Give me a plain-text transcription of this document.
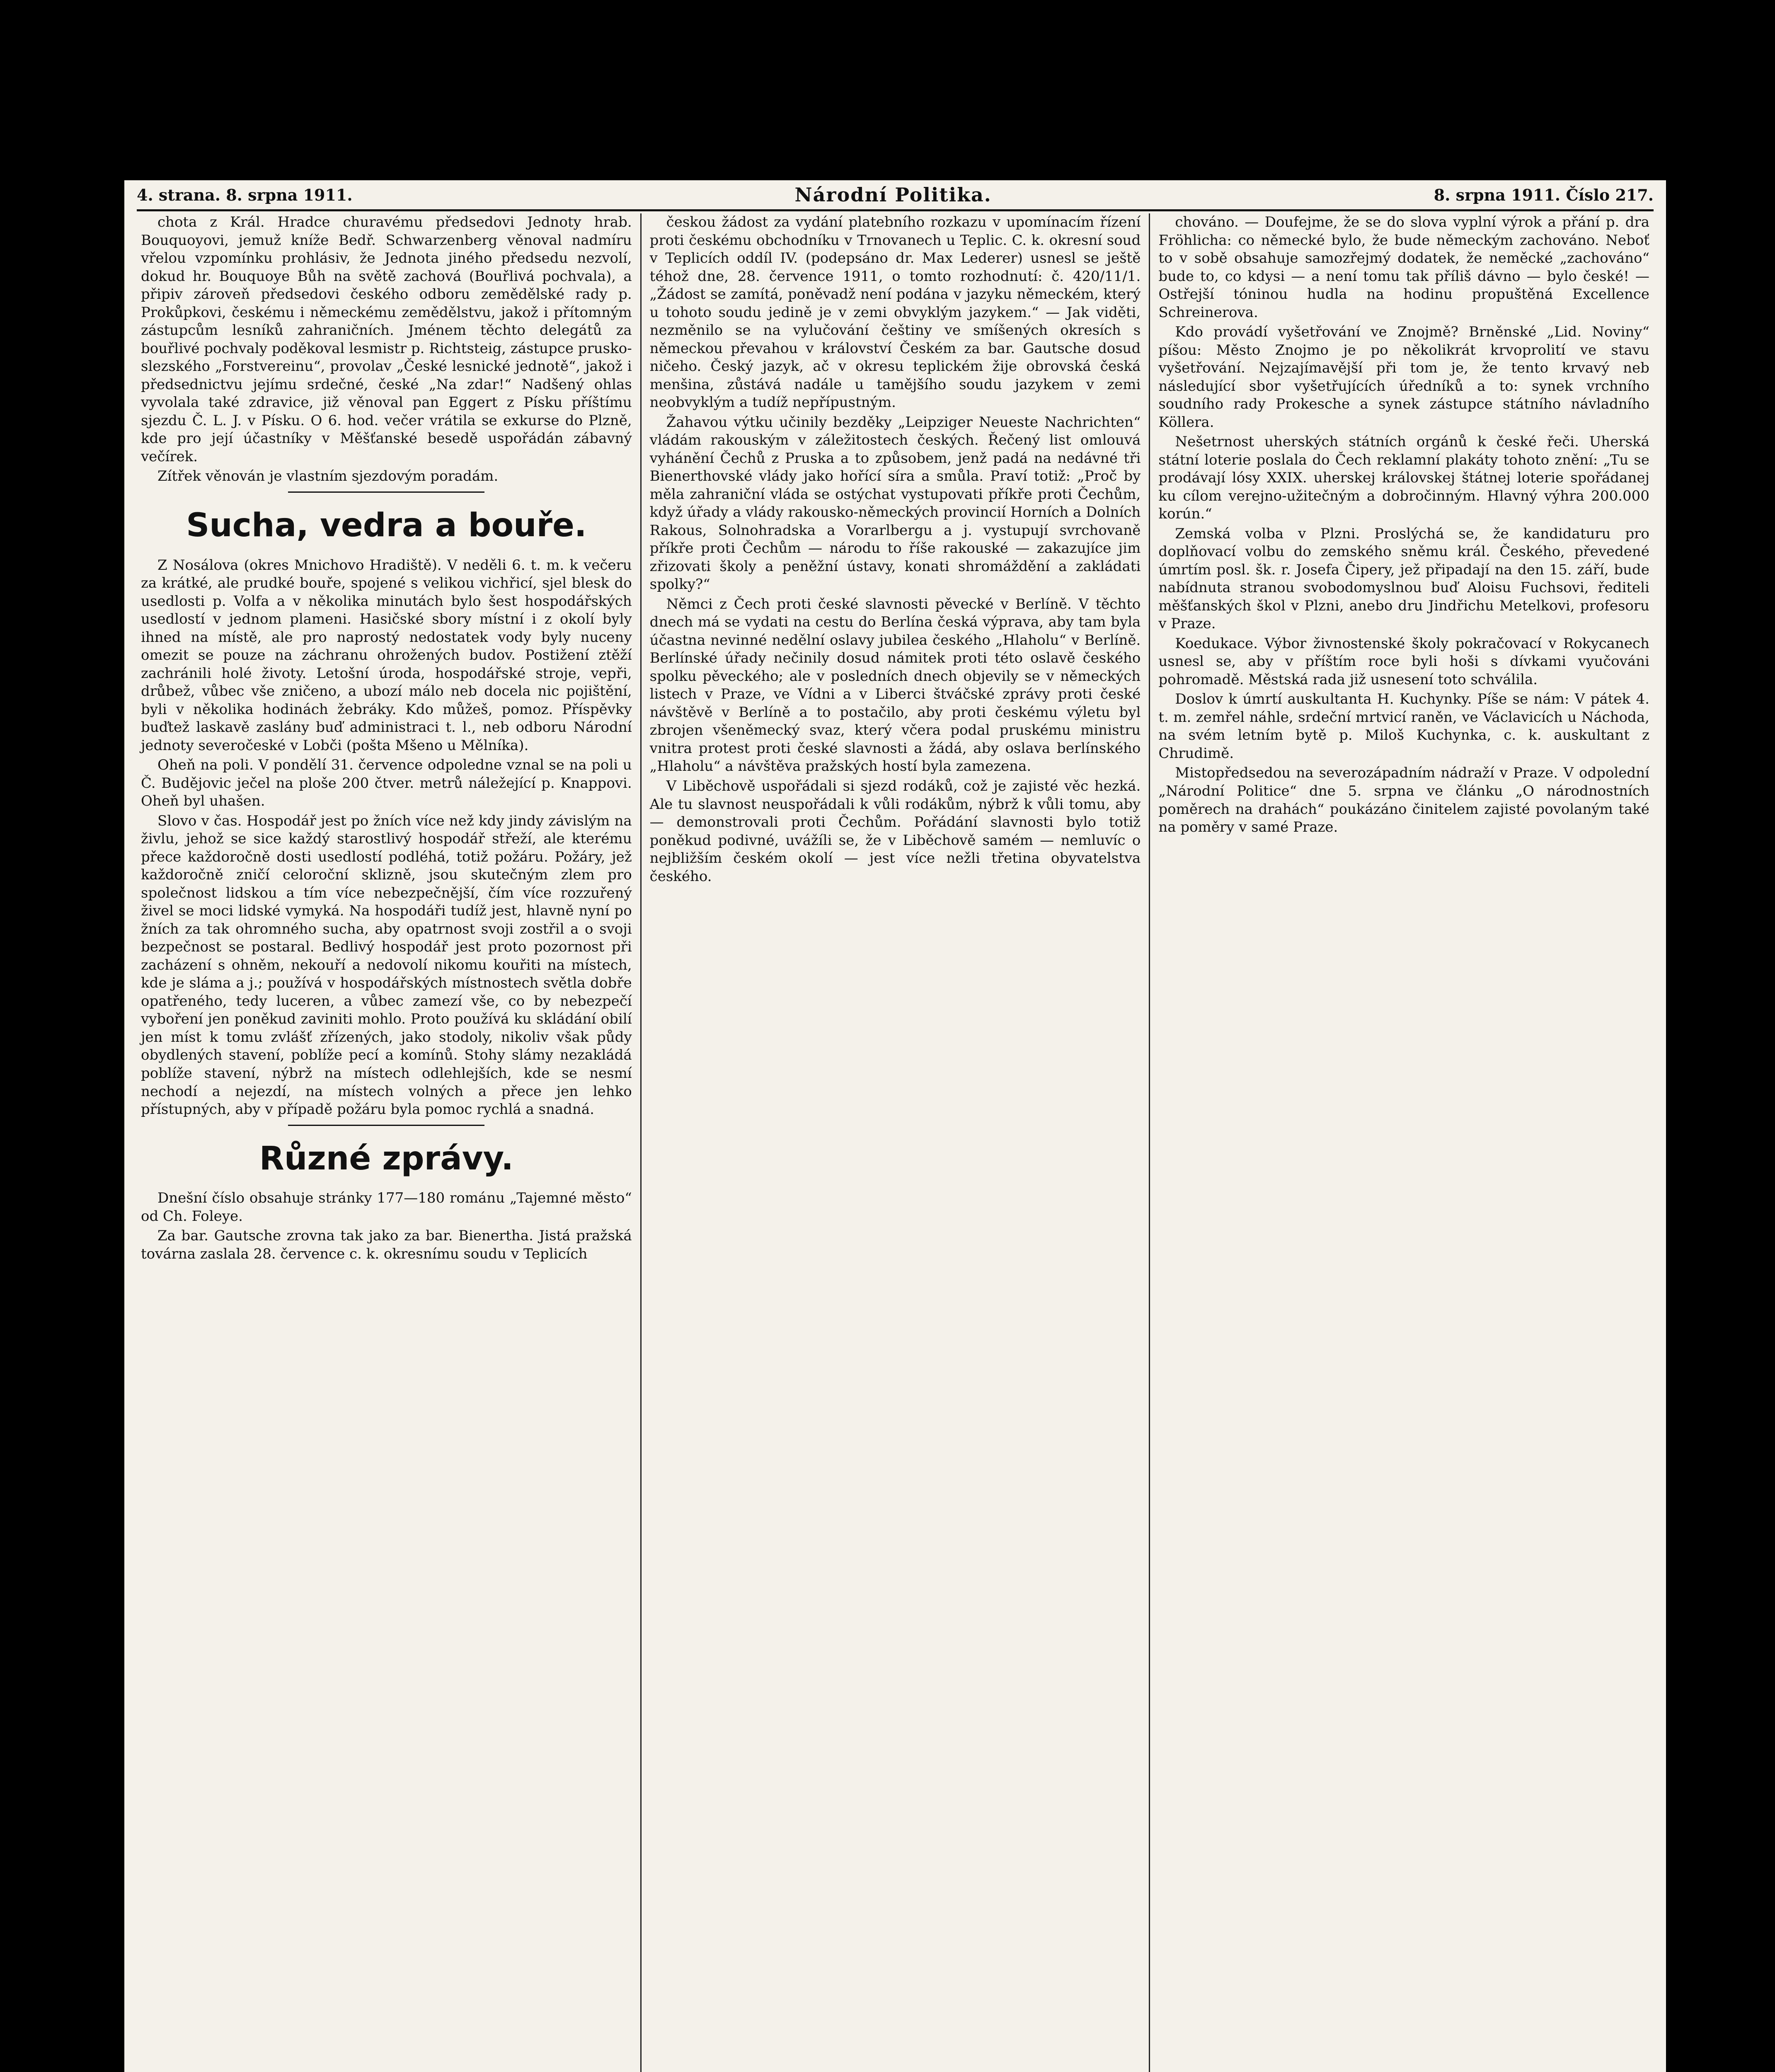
4. strana. 8. srpna 1911.	Národní Politika.	8. srpna 1911. Číslo 217.

chota z Král. Hradce churavému předsedovi Jednoty hrab. Bouquoyovi, jemuž kníže Bedř. Schwarzenberg věnoval nadmíru vřelou vzpomínku prohlásiv, že Jednota jiného předsedu nezvolí, dokud hr. Bouquoye Bůh na světě zachová (Bouřlivá pochvala), a připiv zároveň předsedovi českého odboru zemědělské rady p. Prokůpkovi, českému i německému zemědělstvu, jakož i přítomným zástupcům lesníků zahraničních. Jménem těchto delegátů za bouřlivé pochvaly poděkoval lesmistr p. Richtsteig, zástupce prusko-slezského „Forstvereinu“, provolav „České lesnické jednotě“, jakož i předsednictvu jejímu srdečné, české „Na zdar!“ Nadšený ohlas vyvolala také zdravice, již věnoval pan Eggert z Písku příštímu sjezdu Č. L. J. v Písku. O 6. hod. večer vrátila se exkurse do Plzně, kde pro její účastníky v Měšťanské besedě uspořádán zábavný večírek.

Zítřek věnován je vlastním sjezdovým poradám.

Sucha, vedra a bouře.

Z Nosálova (okres Mnichovo Hradiště). V neděli 6. t. m. k večeru za krátké, ale prudké bouře, spojené s velikou vichřicí, sjel blesk do usedlosti p. Volfa a v několika minutách bylo šest hospodářských usedlostí v jednom plameni. Hasičské sbory místní i z okolí byly ihned na místě, ale pro naprostý nedostatek vody byly nuceny omezit se pouze na záchranu ohrožených budov. Postižení ztěží zachránili holé životy. Letošní úroda, hospodářské stroje, vepři, drůbež, vůbec vše zničeno, a ubozí málo neb docela nic pojištění, byli v několika hodinách žebráky. Kdo můžeš, pomoz. Příspěvky buďtež laskavě zaslány buď administraci t. l., neb odboru Národní jednoty severočeské v Lobči (pošta Mšeno u Mělníka).

Oheň na poli. V pondělí 31. července odpoledne vznal se na poli u Č. Budějovic ječel na ploše 200 čtver. metrů náležející p. Knappovi. Oheň byl uhašen.

Slovo v čas. Hospodář jest po žních více než kdy jindy závislým na živlu, jehož se sice každý starostlivý hospodář střeží, ale kterému přece každoročně dosti usedlostí podléhá, totiž požáru. Požáry, jež každoročně zničí celoroční sklizně, jsou skutečným zlem pro společnost lidskou a tím více nebezpečnější, čím více rozzuřený živel se moci lidské vymyká. Na hospodáři tudíž jest, hlavně nyní po žních za tak ohromného sucha, aby opatrnost svoji zostřil a o svoji bezpečnost se postaral. Bedlivý hospodář jest proto pozornost při zacházení s ohněm, nekouří a nedovolí nikomu kouřiti na místech, kde je sláma a j.; používá v hospodářských místnostech světla dobře opatřeného, tedy luceren, a vůbec zamezí vše, co by nebezpečí vyboření jen poněkud zaviniti mohlo. Proto používá ku skládání obilí jen míst k tomu zvlášť zřízených, jako stodoly, nikoliv však půdy obydlených stavení, poblíže pecí a komínů. Stohy slámy nezakládá poblíže stavení, nýbrž na místech odlehlejších, kde se nesmí nechodí a nejezdí, na místech volných a přece jen lehko přístupných, aby v případě požáru byla pomoc rychlá a snadná.

Různé zprávy.

Dnešní číslo obsahuje stránky 177—180 románu „Tajemné město“ od Ch. Foleye.

Za bar. Gautsche zrovna tak jako za bar. Bienertha. Jistá pražská továrna zaslala 28. července c. k. okresnímu soudu v Teplicích

českou žádost za vydání platebního rozkazu v upomínacím řízení proti českému obchodníku v Trnovanech u Teplic. C. k. okresní soud v Teplicích oddíl IV. (podepsáno dr. Max Lederer) usnesl se ještě téhož dne, 28. července 1911, o tomto rozhodnutí: č. 420/11/1. „Žádost se zamítá, poněvadž není podána v jazyku německém, který u tohoto soudu jedině je v zemi obvyklým jazykem.“ — Jak viděti, nezměnilo se na vylučování češtiny ve smíšených okresích s německou převahou v království Českém za bar. Gautsche dosud ničeho. Český jazyk, ač v okresu teplickém žije obrovská česká menšina, zůstává nadále u tamějšího soudu jazykem v zemi neobvyklým a tudíž nepřípustným.

Žahavou výtku učinily bezděky „Leipziger Neueste Nachrichten“ vládám rakouským v záležitostech českých. Řečený list omlouvá vyhánění Čechů z Pruska a to způsobem, jenž padá na nedávné tři Bienerthovské vlády jako hořící síra a smůla. Praví totiž: „Proč by měla zahraniční vláda se ostýchat vystupovati příkře proti Čechům, když úřady a vlády rakousko-německých provincií Horních a Dolních Rakous, Solnohradska a Vorarlbergu a j. vystupují svrchovaně příkře proti Čechům — národu to říše rakouské — zakazujíce jim zřizovati školy a peněžní ústavy, konati shromáždění a zakládati spolky?“

Němci z Čech proti české slavnosti pěvecké v Berlíně. V těchto dnech má se vydati na cestu do Berlína česká výprava, aby tam byla účastna nevinné nedělní oslavy jubilea českého „Hlaholu“ v Berlíně. Berlínské úřady nečinily dosud námitek proti této oslavě českého spolku pěveckého; ale v posledních dnech objevily se v německých listech v Praze, ve Vídni a v Liberci štváčské zprávy proti české návštěvě v Berlíně a to postačilo, aby proti českému výletu byl zbrojen všeněmecký svaz, který včera podal pruskému ministru vnitra protest proti české slavnosti a žádá, aby oslava berlínského „Hlaholu“ a návštěva pražských hostí byla zamezena.

V Liběchově uspořádali si sjezd rodáků, což je zajisté věc hezká. Ale tu slavnost neuspořádali k vůli rodákům, nýbrž k vůli tomu, aby — demonstrovali proti Čechům. Pořádání slavnosti bylo totiž poněkud podivné, uvážíli se, že v Liběchově samém — nemluvíc o nejbližším českém okolí — jest více nežli třetina obyvatelstva českého.

chováno. — Doufejme, že se do slova vyplní výrok a přání p. dra Fröhlicha: co německé bylo, že bude německým zachováno. Neboť to v sobě obsahuje samozřejmý dodatek, že neměcké „zachováno“ bude to, co kdysi — a není tomu tak příliš dávno — bylo české! — Ostřejší tóninou hudla na hodinu propuštěná Excellence Schreinerova.

Kdo provádí vyšetřování ve Znojmě? Brněnské „Lid. Noviny“ píšou: Město Znojmo je po několikrát krvoprolití ve stavu vyšetřování. Nejzajímavější při tom je, že tento krvavý neb následující sbor vyšetřujících úředníků a to: synek vrchního soudního rady Prokesche a synek zástupce státního návladního Köllera.

Nešetrnost uherských státních orgánů k české řeči. Uherská státní loterie poslala do Čech reklamní plakáty tohoto znění: „Tu se prodávají lósy XXIX. uherskej královskej štátnej loterie spořádanej ku cílom verejno-užitečným a dobročinným. Hlavný výhra 200.000 korún.“

Zemská volba v Plzni. Proslýchá se, že kandidaturu pro doplňovací volbu do zemského sněmu král. Českého, převedené úmrtím posl. šk. r. Josefa Čipery, jež připadají na den 15. září, bude nabídnuta stranou svobodomyslnou buď Aloisu Fuchsovi, řediteli měšťanských škol v Plzni, anebo dru Jindřichu Metelkovi, profesoru v Praze.

Koedukace. Výbor živnostenské školy pokračovací v Rokycanech usnesl se, aby v příštím roce byli hoši s dívkami vyučováni pohromadě. Městská rada již usnesení toto schválila.

Doslov k úmrtí auskultanta H. Kuchynky. Píše se nám: V pátek 4. t. m. zemřel náhle, srdeční mrtvicí raněn, ve Václavicích u Náchoda, na svém letním bytě p. Miloš Kuchynka, c. k. auskultant z Chrudimě.

Mistopředsedou na severozápadním nádraží v Praze. V odpolední „Národní Politice“ dne 5. srpna ve článku „O národnostních poměrech na drahách“ poukázáno činitelem zajisté povolaným také na poměry v samé Praze.
